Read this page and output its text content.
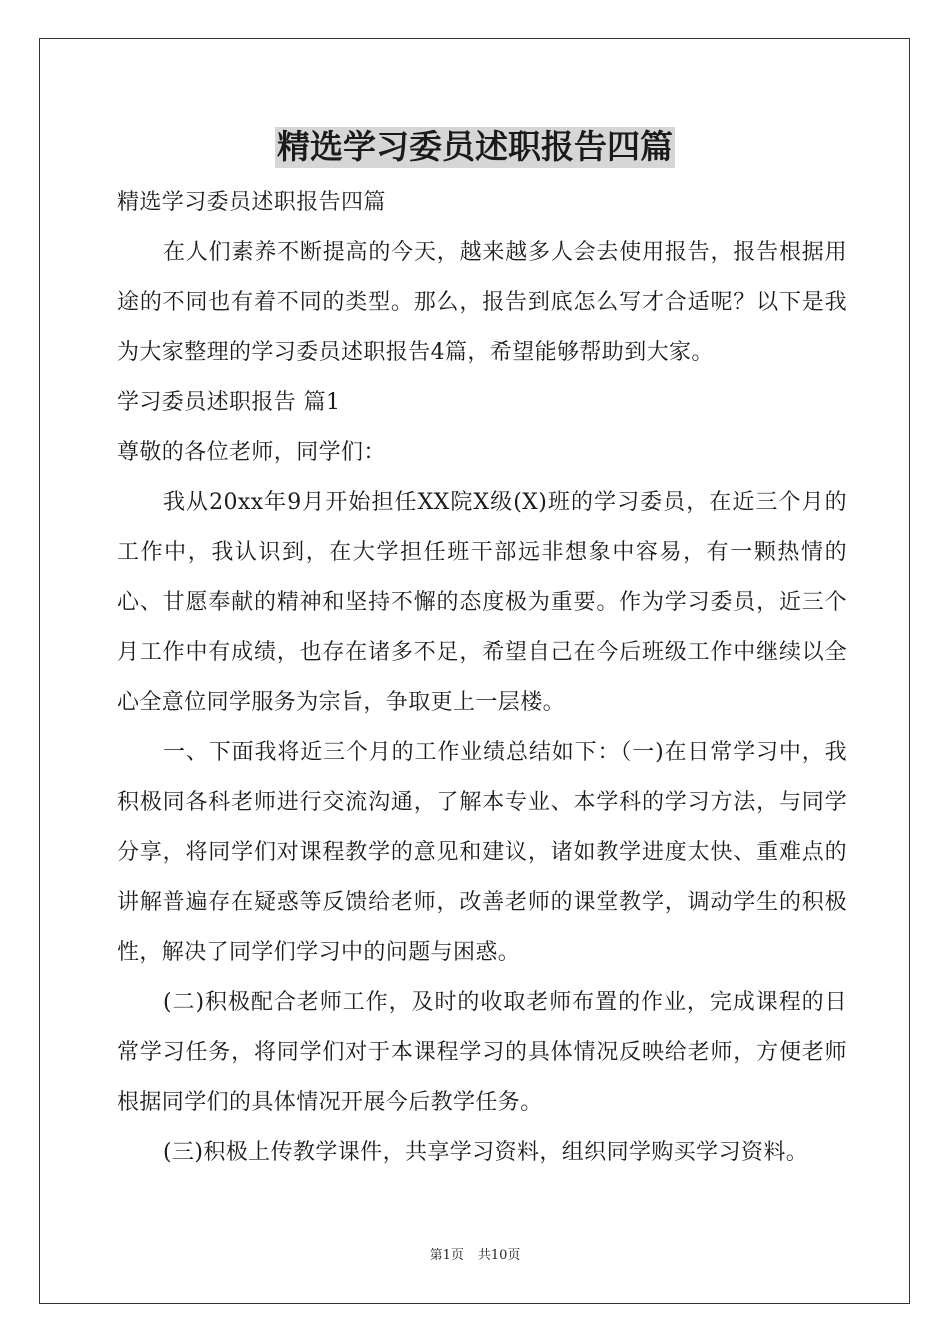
精选学习委员述职报告四篇
精选学习委员述职报告四篇

在人们素养不断提高的今天，越来越多人会去使用报告，报告根据用途的不同也有着不同的类型。那么，报告到底怎么写才合适呢？以下是我为大家整理的学习委员述职报告4篇，希望能够帮助到大家。

学习委员述职报告 篇1
尊敬的各位老师，同学们：

我从20xx年9月开始担任XX院X级(X)班的学习委员，在近三个月的工作中，我认识到，在大学担任班干部远非想象中容易，有一颗热情的心、甘愿奉献的精神和坚持不懈的态度极为重要。作为学习委员，近三个月工作中有成绩，也存在诸多不足，希望自己在今后班级工作中继续以全心全意位同学服务为宗旨，争取更上一层楼。

一、下面我将近三个月的工作业绩总结如下：（一)在日常学习中，我积极同各科老师进行交流沟通，了解本专业、本学科的学习方法，与同学分享，将同学们对课程教学的意见和建议，诸如教学进度太快、重难点的讲解普遍存在疑惑等反馈给老师，改善老师的课堂教学，调动学生的积极性，解决了同学们学习中的问题与困惑。

(二)积极配合老师工作，及时的收取老师布置的作业，完成课程的日常学习任务，将同学们对于本课程学习的具体情况反映给老师，方便老师根据同学们的具体情况开展今后教学任务。

(三)积极上传教学课件，共享学习资料，组织同学购买学习资料。

第1页 共10页
